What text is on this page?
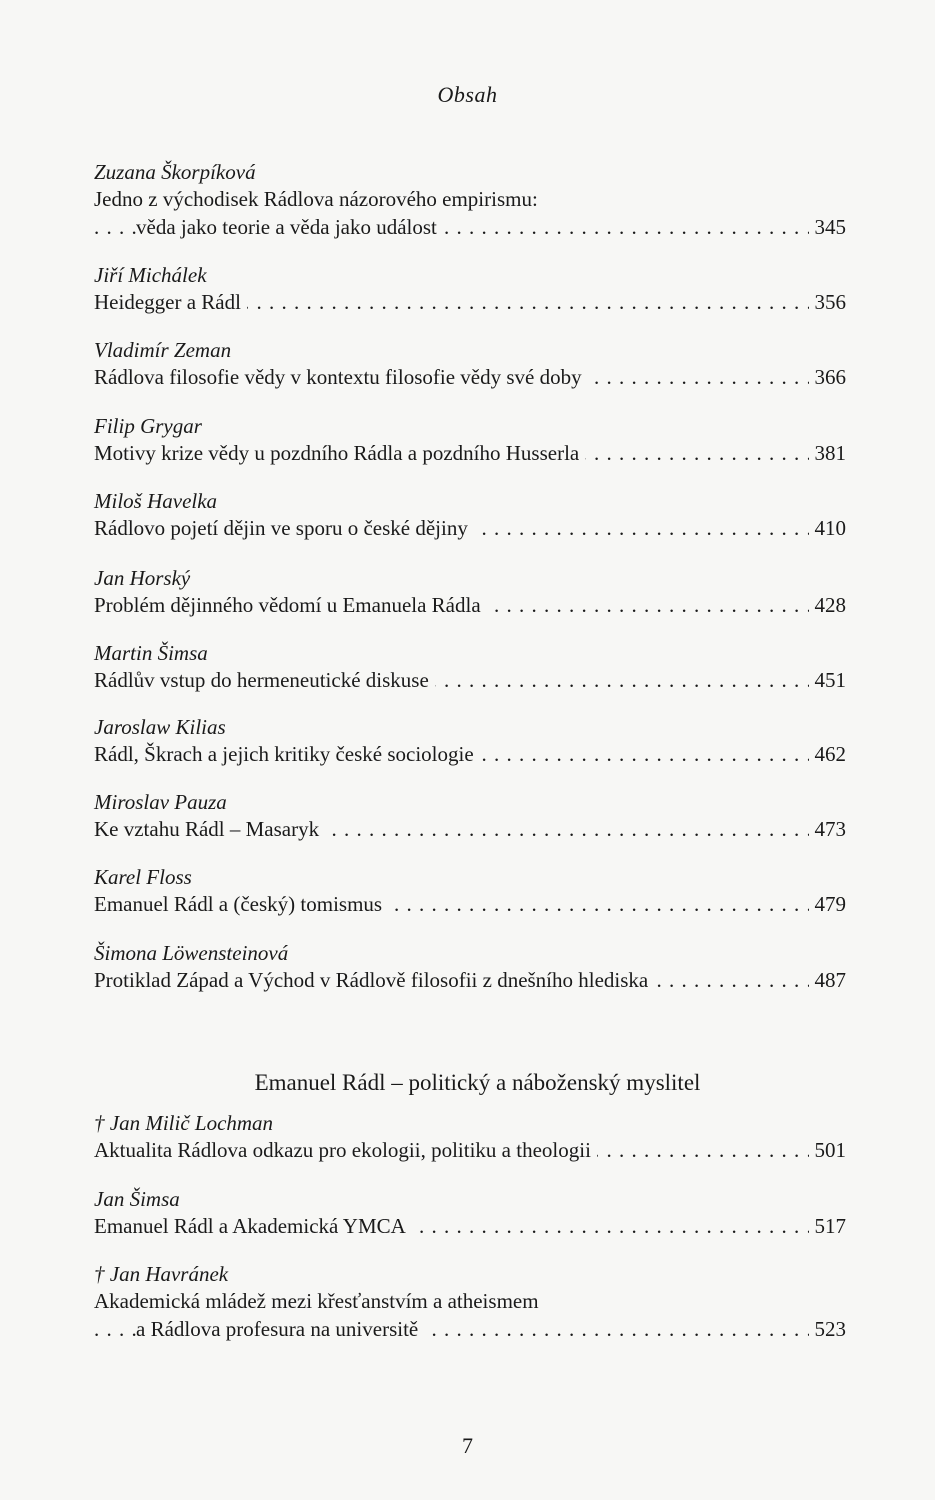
Obsah
Zuzana Škorpíková
Jedno z východisek Rádlova názorového empirismu:
věda jako teorie a věda jako událost	345
. . .
Jiří Michálek
Heidegger a Rádl	356
. . .
Vladimír Zeman
Rádlova filosofie vědy v kontextu filosofie vědy své doby	366
. . .
Filip Grygar
Motivy krize vědy u pozdního Rádla a pozdního Husserla	381
. . .
Miloš Havelka
Rádlovo pojetí dějin ve sporu o české dějiny	410
. . .
Jan Horský
Problém dějinného vědomí u Emanuela Rádla	428
. . .
Martin Šimsa
Rádlův vstup do hermeneutické diskuse	451
. . .
Jaroslaw Kilias
Rádl, Škrach a jejich kritiky české sociologie	462
. . .
Miroslav Pauza
Ke vztahu Rádl – Masaryk	473
. . .
Karel Floss
Emanuel Rádl a (český) tomismus	479
. . .
Šimona Löwensteinová
Protiklad Západ a Východ v Rádlově filosofii z dnešního hlediska	487
. . .
Emanuel Rádl – politický a náboženský myslitel
† Jan Milič Lochman
Aktualita Rádlova odkazu pro ekologii, politiku a theologii	501
. . .
Jan Šimsa
Emanuel Rádl a Akademická YMCA	517
. . .
† Jan Havránek
Akademická mládež mezi křesťanstvím a atheismem
a Rádlova profesura na universitě	523
. . .
7
